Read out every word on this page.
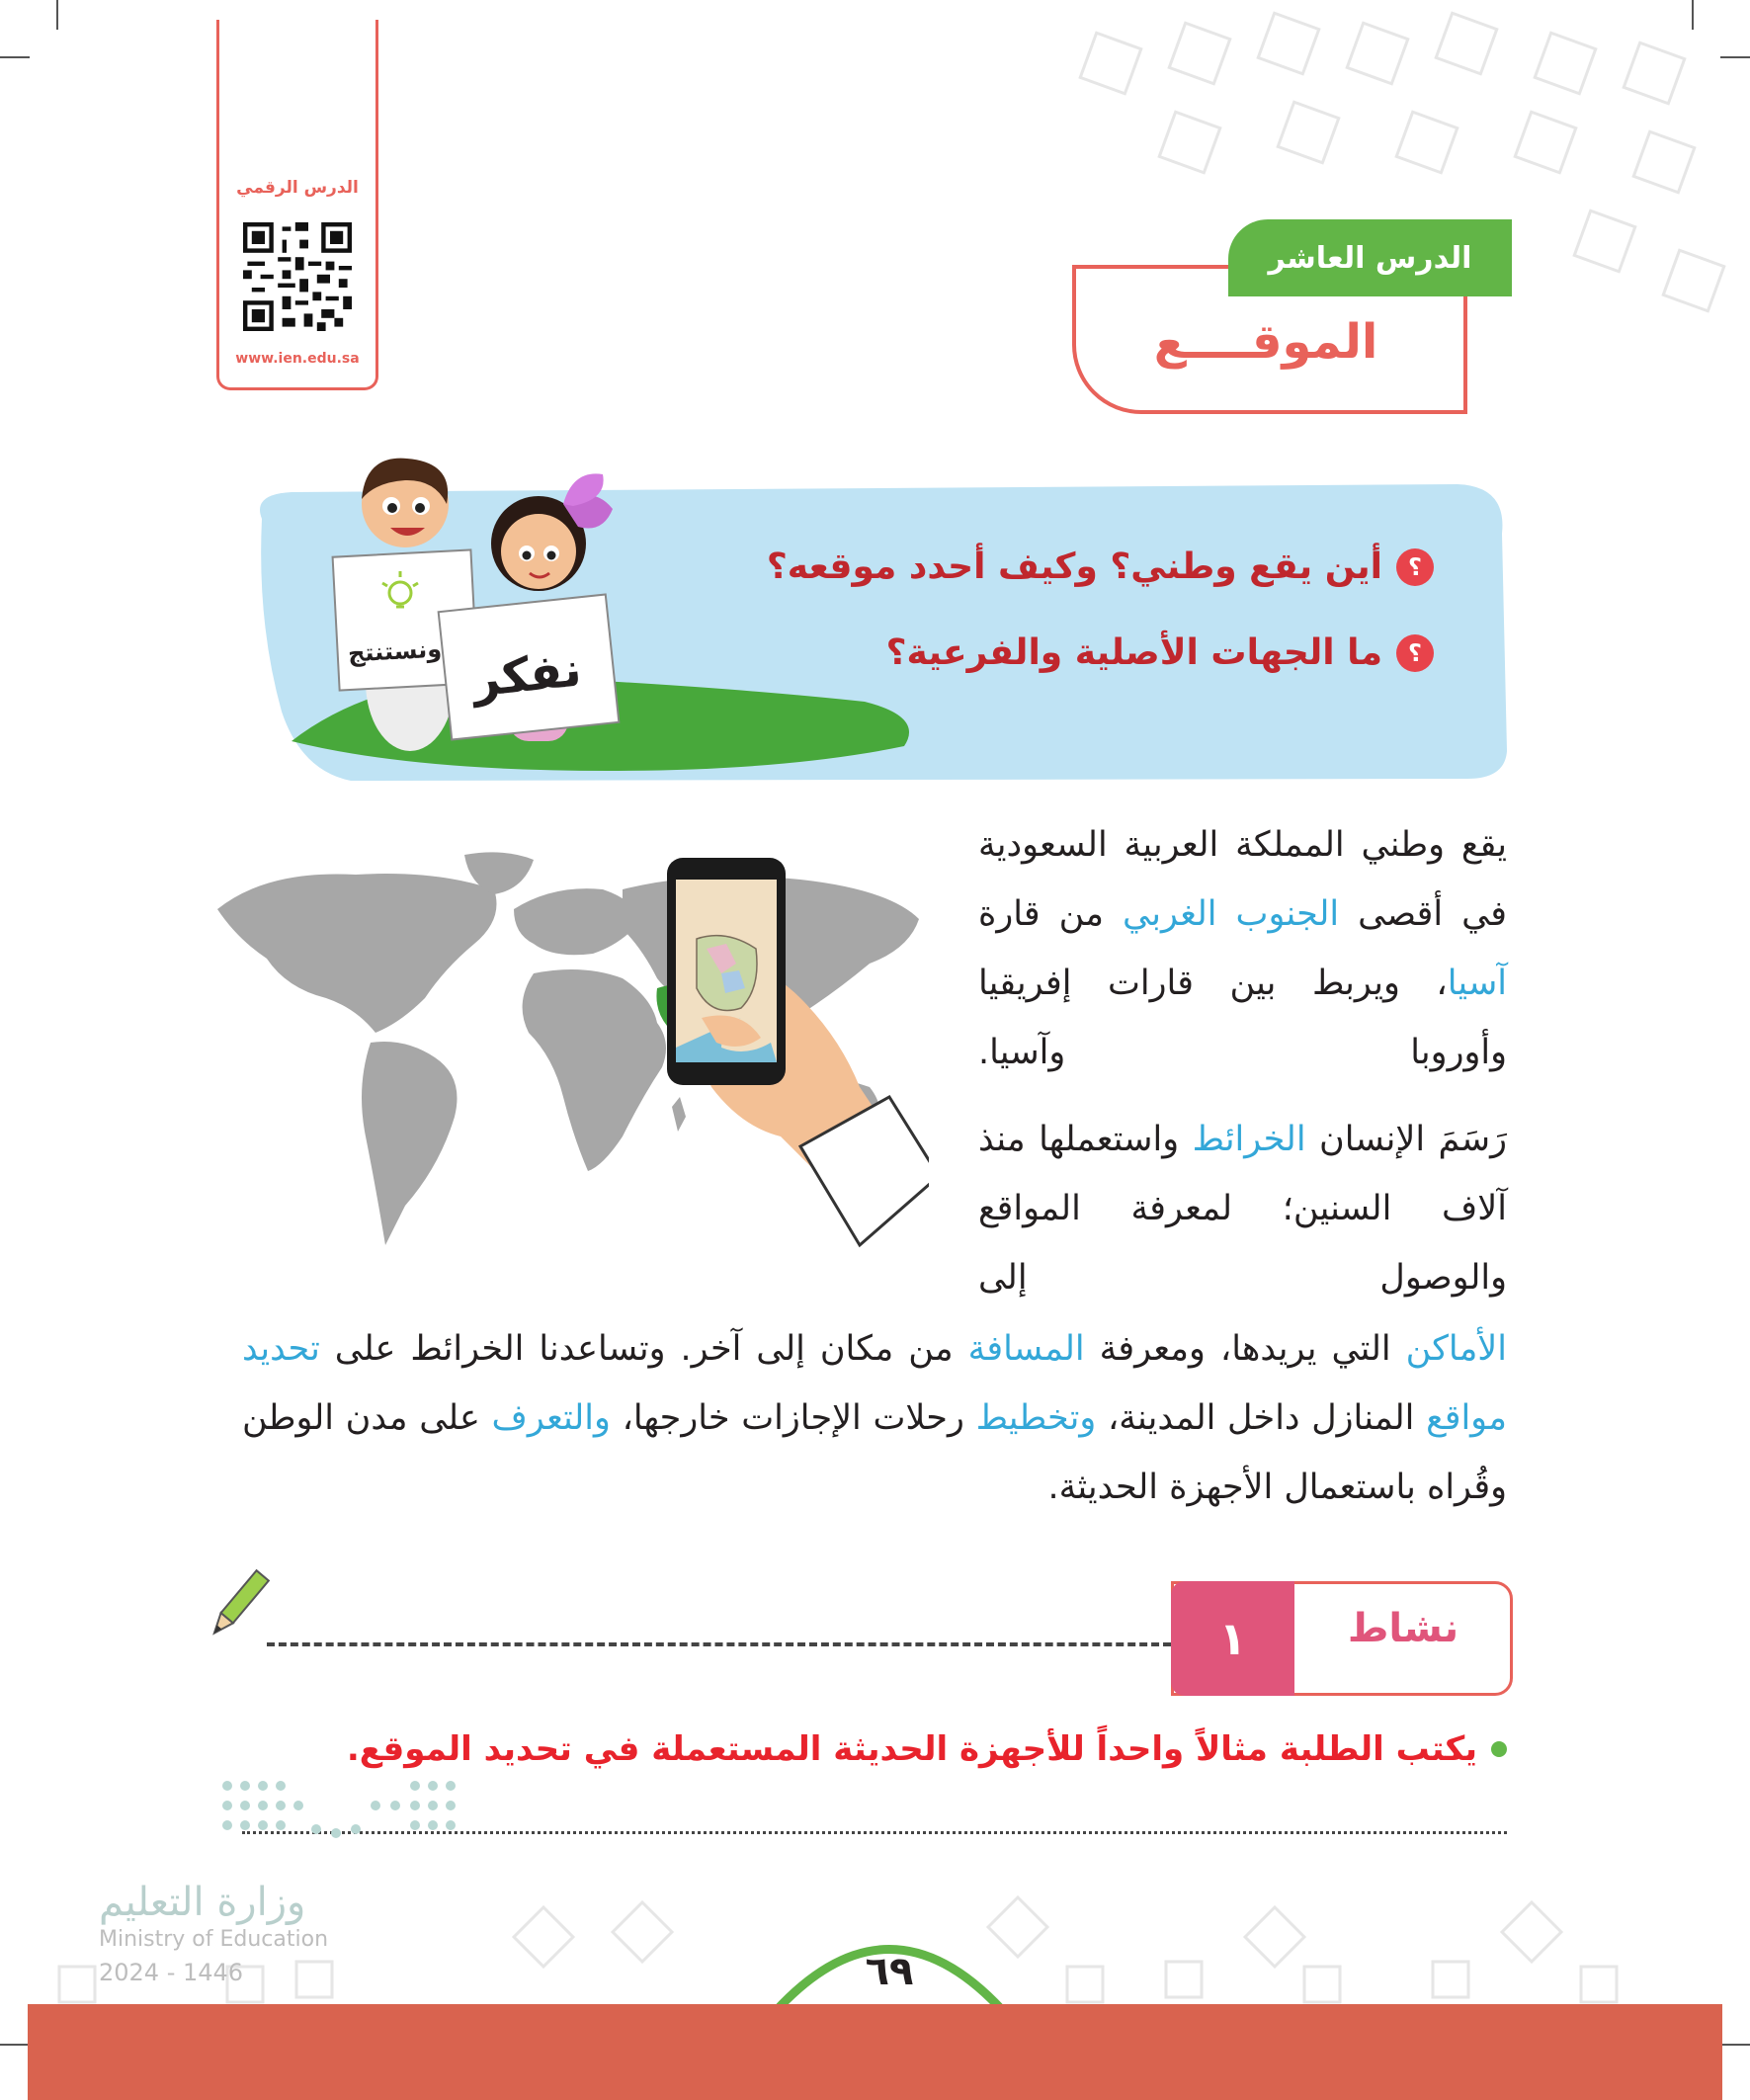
الدرس الرقمي
www.ien.edu.sa
الدرس العاشر
الموقــــع
ونستنتج نفكر
؟
أين يقع وطني؟ وكيف أحدد موقعه؟
؟
ما الجهات الأصلية والفرعية؟
يقع وطني المملكة العربية السعودية في أقصى الجنوب الغربي من قارة آسيا، ويربط بين قارات إفريقيا وأوروبا وآسيا.
رَسَمَ الإنسان الخرائط واستعملها منذ آلاف السنين؛ لمعرفة المواقع والوصول إلى
الأماكن التي يريدها، ومعرفة المسافة من مكان إلى آخر. وتساعدنا الخرائط على تحديد مواقع المنازل داخل المدينة، وتخطيط رحلات الإجازات خارجها، والتعرف على مدن الوطن وقُراه باستعمال الأجهزة الحديثة.
١	نشاط
يكتب الطلبة مثالاً واحداً للأجهزة الحديثة المستعملة في تحديد الموقع.
وزارة التعليم
Ministry of Education
2024 - 1446	٦٩
